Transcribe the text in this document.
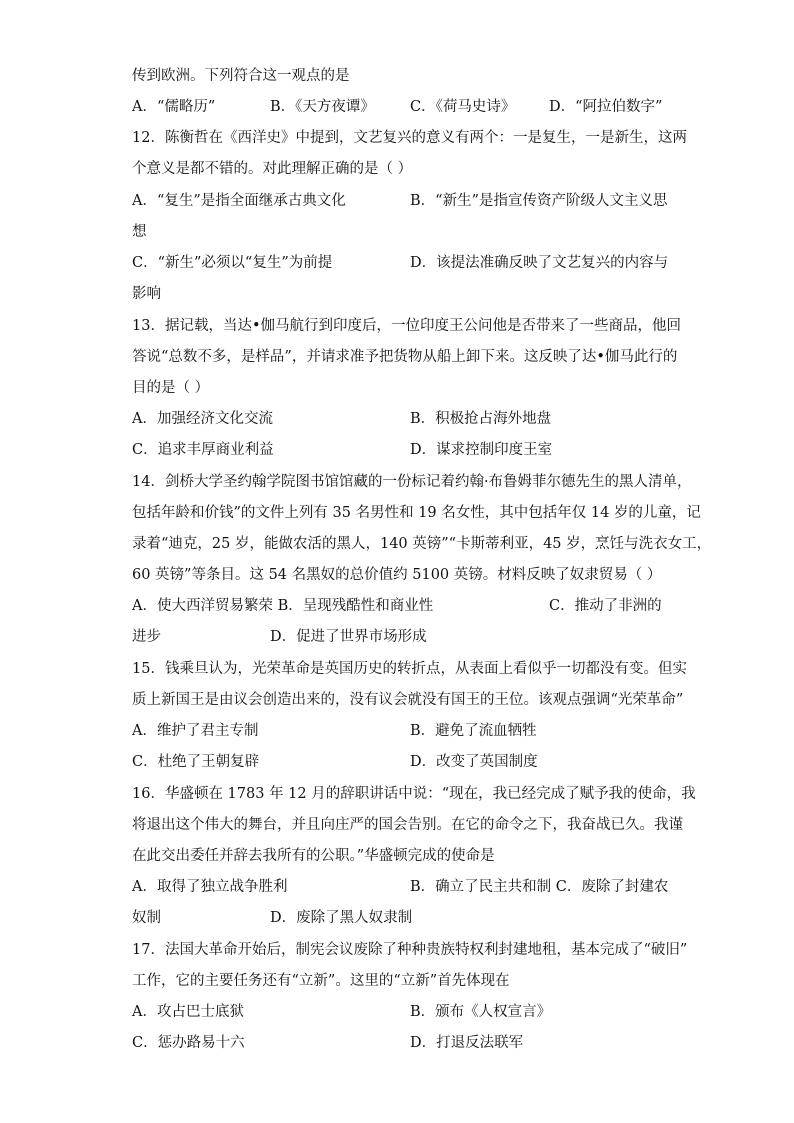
传到欧洲。下列符合这一观点的是
A．“儒略历”	B．《天方夜谭》 C．《荷马史诗》 D．“阿拉伯数字”
12．陈衡哲在《西洋史》中提到，文艺复兴的意义有两个：一是复生，一是新生，这两
个意义是都不错的。对此理解正确的是（ ）
A．“复生”是指全面继承古典文化	B．“新生”是指宣传资产阶级人文主义思
想
C．“新生”必须以“复生”为前提	D．该提法准确反映了文艺复兴的内容与
影响
13．据记载，当达•伽马航行到印度后，一位印度王公问他是否带来了一些商品，他回
答说“总数不多，是样品”，并请求准予把货物从船上卸下来。这反映了达•伽马此行的
目的是（ ）
A．加强经济文化交流	B．积极抢占海外地盘
C．追求丰厚商业利益	D．谋求控制印度王室
14．剑桥大学圣约翰学院图书馆馆藏的一份标记着约翰·布鲁姆菲尔德先生的黑人清单，
包括年龄和价钱”的文件上列有 35 名男性和 19 名女性，其中包括年仅 14 岁的儿童，记
录着“迪克，25 岁，能做农活的黑人，140 英镑”“卡斯蒂利亚，45 岁，烹饪与洗衣女工，
60 英镑”等条目。这 54 名黑奴的总价值约 5100 英镑。材料反映了奴隶贸易（ ）
A．使大西洋贸易繁荣 B．呈现残酷性和商业性	C．推动了非洲的
进步	D．促进了世界市场形成
15．钱乘旦认为，光荣革命是英国历史的转折点，从表面上看似乎一切都没有变。但实
质上新国王是由议会创造出来的，没有议会就没有国王的王位。该观点强调“光荣革命”
A．维护了君主专制	B．避免了流血牺牲
C．杜绝了王朝复辟	D．改变了英国制度
16．华盛顿在 1783 年 12 月的辞职讲话中说：“现在，我已经完成了赋予我的使命，我
将退出这个伟大的舞台，并且向庄严的国会告别。在它的命令之下，我奋战已久。我谨
在此交出委任并辞去我所有的公职。”华盛顿完成的使命是
A．取得了独立战争胜利	B．确立了民主共和制 C．废除了封建农
奴制	D．废除了黑人奴隶制
17．法国大革命开始后，制宪会议废除了种种贵族特权利封建地租，基本完成了“破旧”
工作，它的主要任务还有“立新”。这里的“立新”首先体现在
A．攻占巴士底狱	B．颁布《人权宣言》
C．惩办路易十六	D．打退反法联军
